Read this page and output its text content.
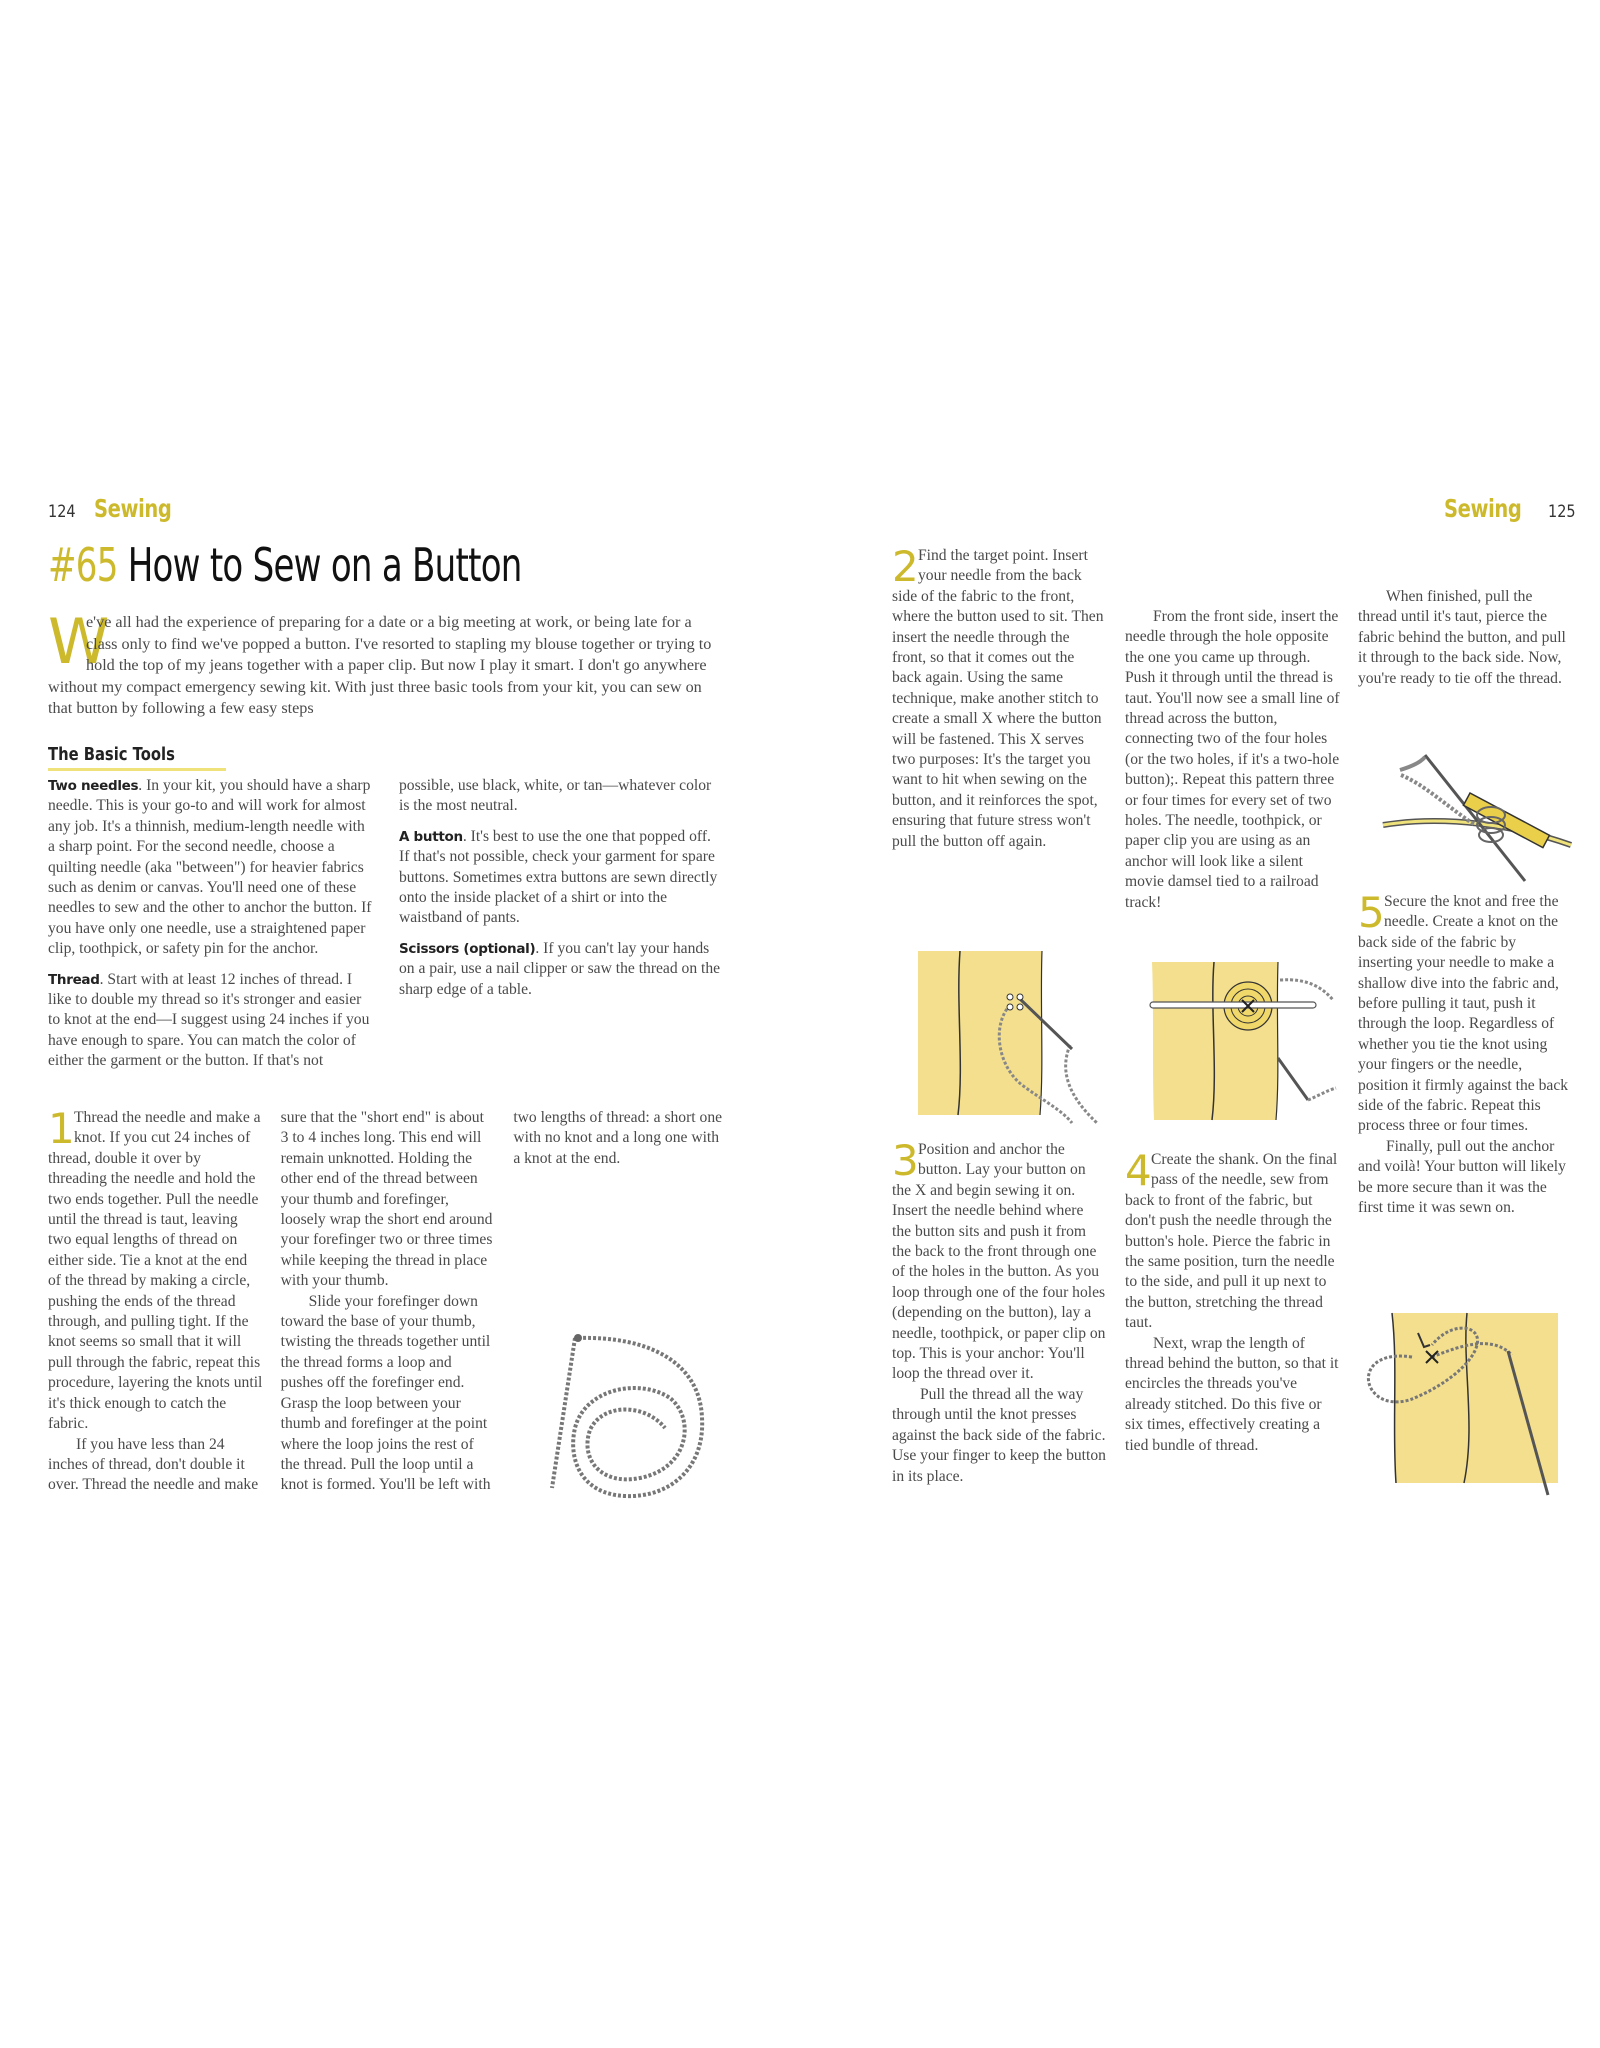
124 Sewing
#65 How to Sew on a Button
W
e've all had the experience of preparing for a date or a big meeting at work, or being late for a class only to find we've popped a button. I've resorted to stapling my blouse together or trying to hold the top of my jeans together with a paper clip. But now I play it smart. I don't go anywhere without my compact emergency sewing kit. With just three basic tools from your kit, you can sew on that button by following a few easy steps
The Basic Tools

Two needles. In your kit, you should have a sharp needle. This is your go-to and will work for almost any job. It's a thinnish, medium-length needle with a sharp point. For the second needle, choose a quilting needle (aka "between") for heavier fabrics such as denim or canvas. You'll need one of these needles to sew and the other to anchor the button. If you have only one needle, use a straightened paper clip, toothpick, or safety pin for the anchor.

Thread. Start with at least 12 inches of thread. I like to double my thread so it's stronger and easier to knot at the end—I suggest using 24 inches if you have enough to spare. You can match the color of either the garment or the button. If that's not possible, use black, white, or tan—whatever color is the most neutral.

A button. It's best to use the one that popped off. If that's not possible, check your garment for spare buttons. Sometimes extra buttons are sewn directly onto the inside placket of a shirt or into the waistband of pants.

Scissors (optional). If you can't lay your hands on a pair, use a nail clipper or saw the thread on the sharp edge of a table.

1 Thread the needle and make a knot. If you cut 24 inches of thread, double it over by threading the needle and hold the two ends together. Pull the needle until the thread is taut, leaving two equal lengths of thread on either side. Tie a knot at the end of the thread by making a circle, pushing the ends of the thread through, and pulling tight. If the knot seems so small that it will pull through the fabric, repeat this procedure, layering the knots until it's thick enough to catch the fabric.

If you have less than 24 inches of thread, don't double it over. Thread the needle and make sure that the "short end" is about 3 to 4 inches long. This end will remain unknotted. Holding the other end of the thread between your thumb and forefinger, loosely wrap the short end around your forefinger two or three times while keeping the thread in place with your thumb.

Slide your forefinger down toward the base of your thumb, twisting the threads together until the thread forms a loop and pushes off the forefinger end. Grasp the loop between your thumb and forefinger at the point where the loop joins the rest of the thread. Pull the loop until a knot is formed. You'll be left with two lengths of thread: a short one with no knot and a long one with a knot at the end.

Sewing 125

2 Find the target point. Insert your needle from the back side of the fabric to the front, where the button used to sit. Then insert the needle through the front, so that it comes out the back again. Using the same technique, make another stitch to create a small X where the button will be fastened. This X serves two purposes: It's the target you want to hit when sewing on the button, and it reinforces the spot, ensuring that future stress won't pull the button off again.

3 Position and anchor the button. Lay your button on the X and begin sewing it on. Insert the needle behind where the button sits and push it from the back to the front through one of the holes in the button. As you loop through one of the four holes (depending on the button), lay a needle, toothpick, or paper clip on top. This is your anchor: You'll loop the thread over it.

Pull the thread all the way through until the knot presses against the back side of the fabric. Use your finger to keep the button in its place.

From the front side, insert the needle through the hole opposite the one you came up through. Push it through until the thread is taut. You'll now see a small line of thread across the button, connecting two of the four holes (or the two holes, if it's a two-hole button);. Repeat this pattern three or four times for every set of two holes. The needle, toothpick, or paper clip you are using as an anchor will look like a silent movie damsel tied to a railroad track!

4 Create the shank. On the final pass of the needle, sew from back to front of the fabric, but don't push the needle through the button's hole. Pierce the fabric in the same position, turn the needle to the side, and pull it up next to the button, stretching the thread taut.

Next, wrap the length of thread behind the button, so that it encircles the threads you've already stitched. Do this five or six times, effectively creating a tied bundle of thread.

When finished, pull the thread until it's taut, pierce the fabric behind the button, and pull it through to the back side. Now, you're ready to tie off the thread.

5 Secure the knot and free the needle. Create a knot on the back side of the fabric by inserting your needle to make a shallow dive into the fabric and, before pulling it taut, push it through the loop. Regardless of whether you tie the knot using your fingers or the needle, position it firmly against the back side of the fabric. Repeat this process three or four times.

Finally, pull out the anchor and voilà! Your button will likely be more secure than it was the first time it was sewn on.
